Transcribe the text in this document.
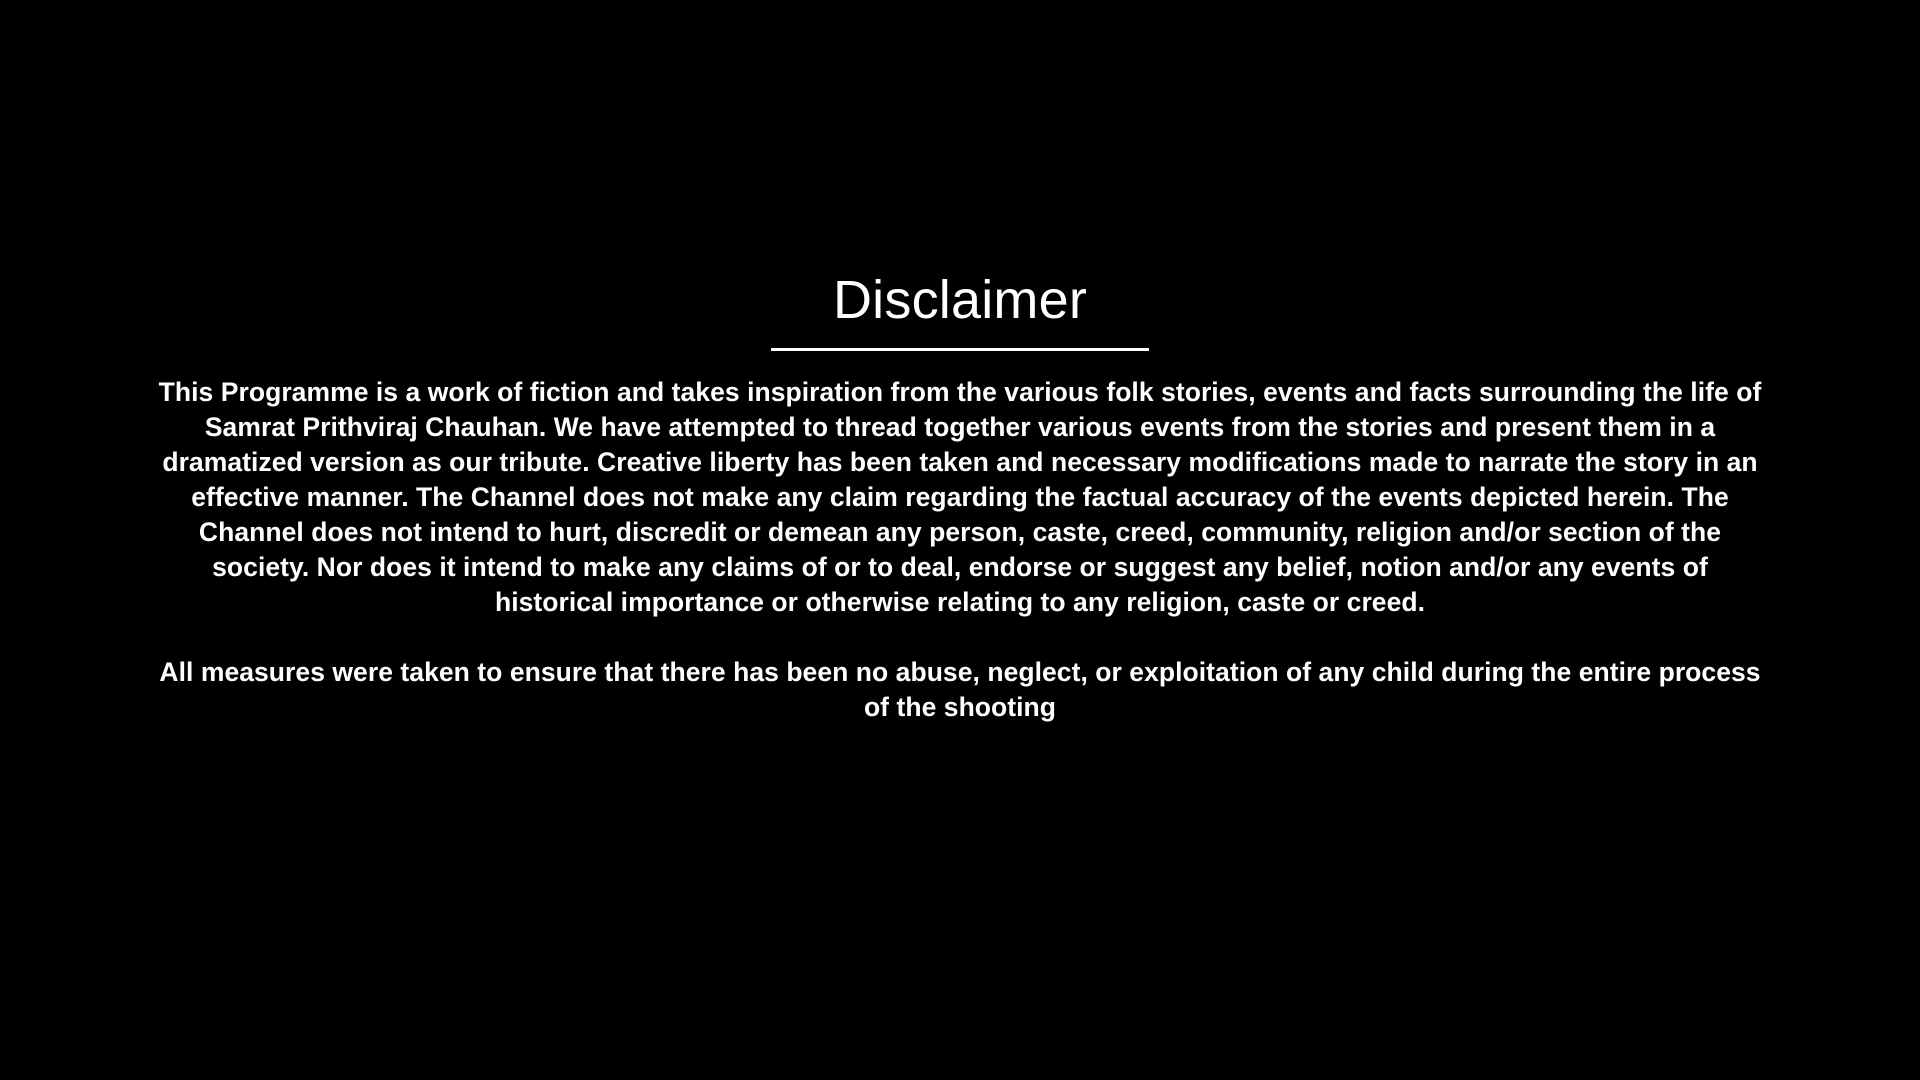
Disclaimer

This Programme is a work of fiction and takes inspiration from the various folk stories, events and facts surrounding the life of Samrat Prithviraj Chauhan. We have attempted to thread together various events from the stories and present them in a dramatized version as our tribute. Creative liberty has been taken and necessary modifications made to narrate the story in an effective manner. The Channel does not make any claim regarding the factual accuracy of the events depicted herein. The Channel does not intend to hurt, discredit or demean any person, caste, creed, community, religion and/or section of the society. Nor does it intend to make any claims of or to deal, endorse or suggest any belief, notion and/or any events of historical importance or otherwise relating to any religion, caste or creed.

All measures were taken to ensure that there has been no abuse, neglect, or exploitation of any child during the entire process of the shooting
